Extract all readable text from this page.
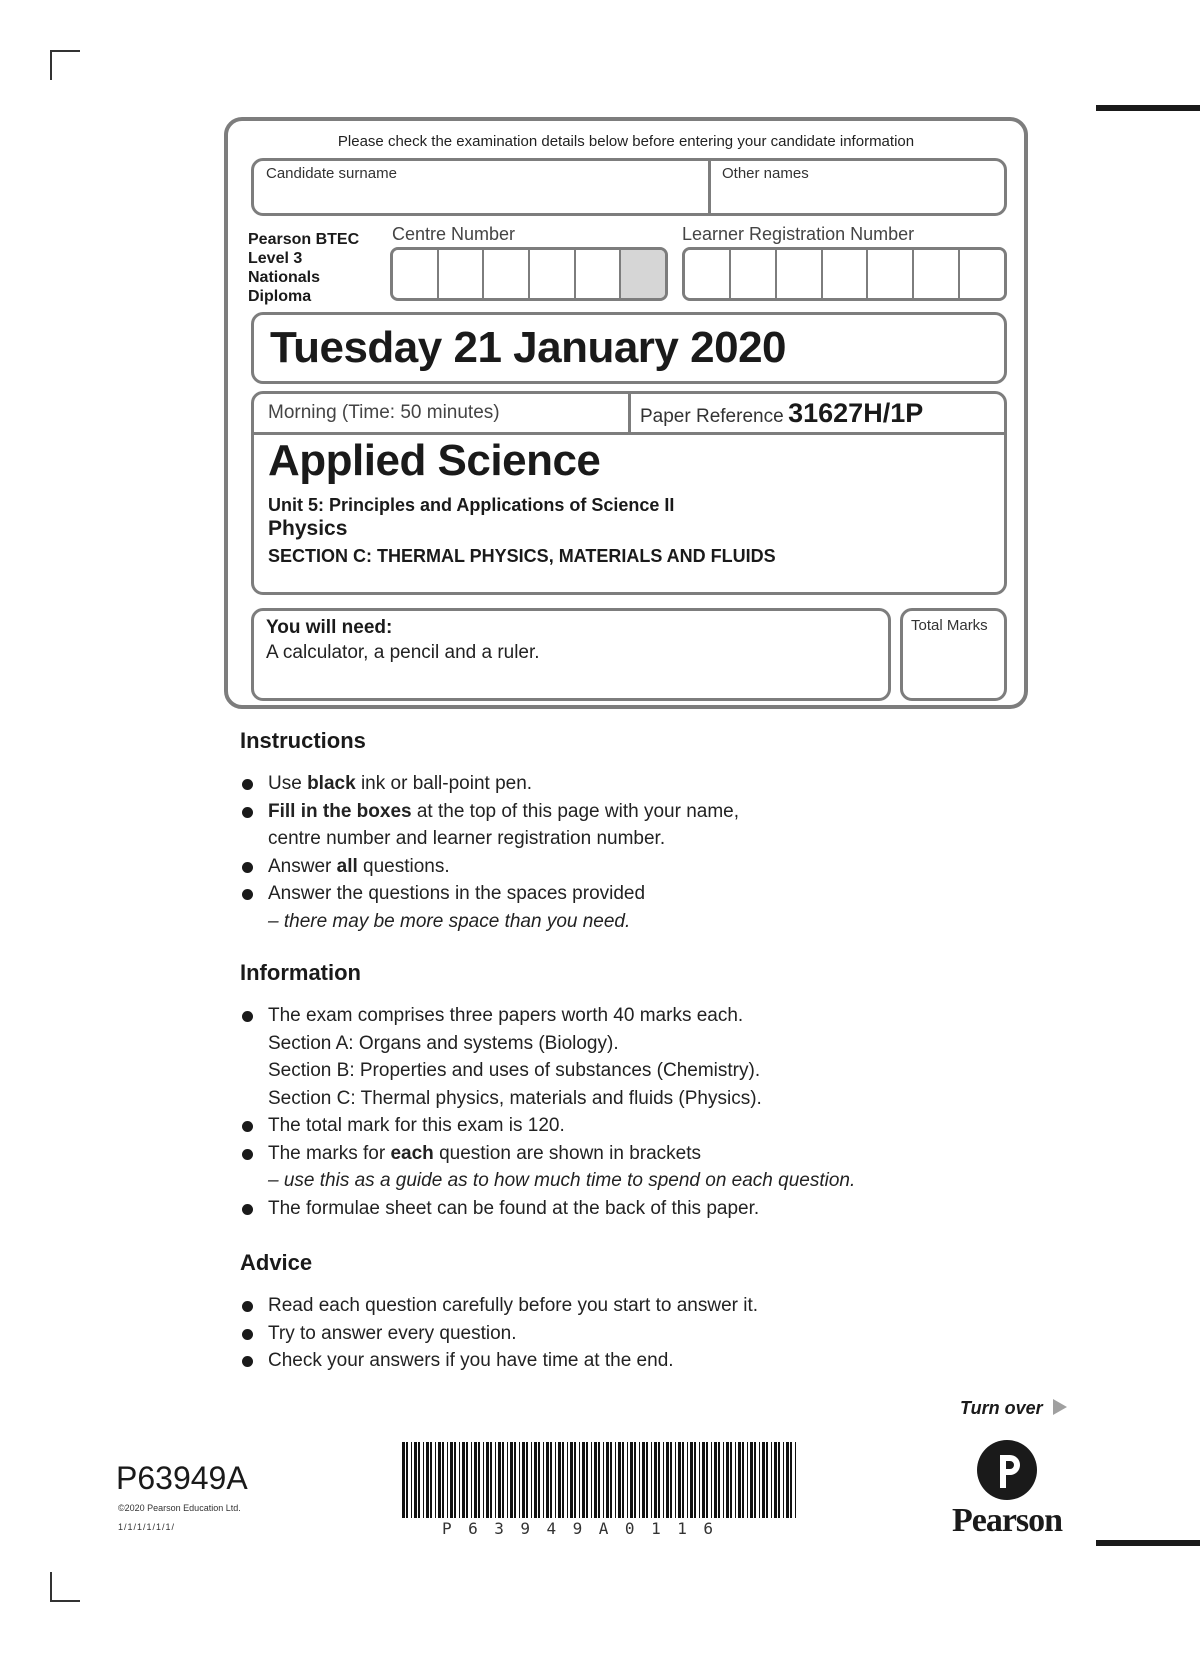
Please check the examination details below before entering your candidate information
Candidate surname	Other names
Pearson BTEC
Level 3
Nationals
Diploma
Centre Number	Learner Registration Number
Tuesday 21 January 2020
Morning (Time: 50 minutes)	Paper Reference 31627H/1P
Applied Science
Unit 5: Principles and Applications of Science II
Physics
SECTION C: THERMAL PHYSICS, MATERIALS AND FLUIDS
You will need:
A calculator, a pencil and a ruler.
Total Marks
Instructions
Use black ink or ball-point pen.
Fill in the boxes at the top of this page with your name,
centre number and learner registration number.
Answer all questions.
Answer the questions in the spaces provided
– there may be more space than you need.
Information
The exam comprises three papers worth 40 marks each.
Section A: Organs and systems (Biology).
Section B: Properties and uses of substances (Chemistry).
Section C: Thermal physics, materials and fluids (Physics).
The total mark for this exam is 120.
The marks for each question are shown in brackets
– use this as a guide as to how much time to spend on each question.
The formulae sheet can be found at the back of this paper.
Advice
Read each question carefully before you start to answer it.
Try to answer every question.
Check your answers if you have time at the end.
Turn over
P63949A
©2020 Pearson Education Ltd.
1/1/1/1/1/1/	P63949A0116	Pearson
